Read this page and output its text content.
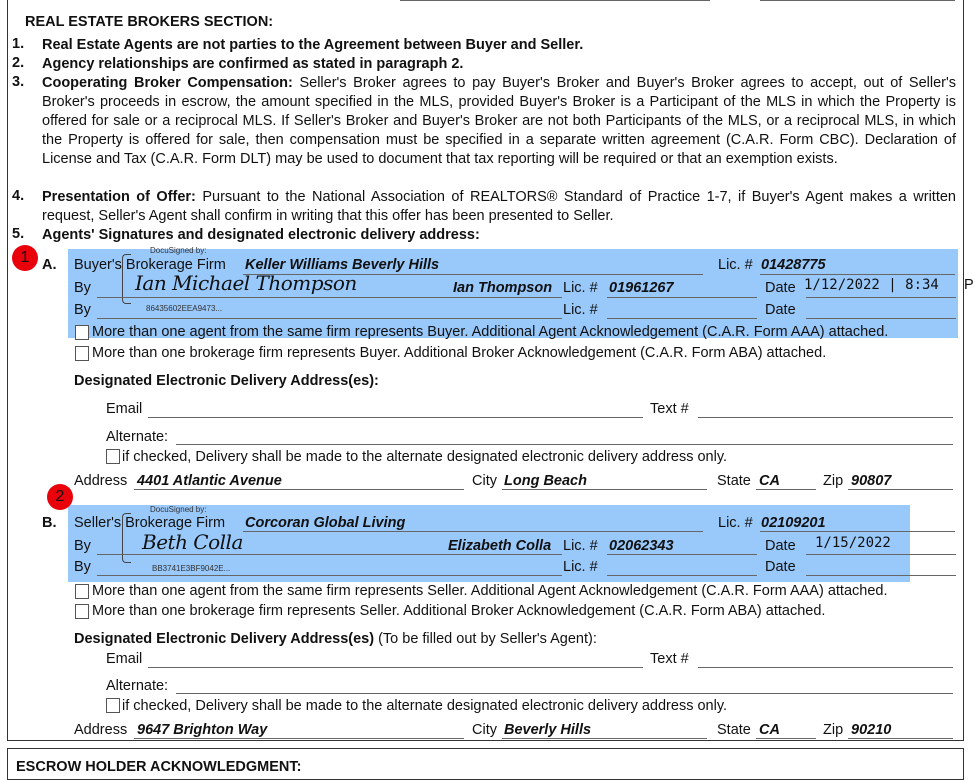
REAL ESTATE BROKERS SECTION:
1. Real Estate Agents are not parties to the Agreement between Buyer and Seller.
2. Agency relationships are confirmed as stated in paragraph 2.
3. Cooperating Broker Compensation: Seller's Broker agrees to pay Buyer's Broker and Buyer's Broker agrees to accept, out of Seller's Broker's proceeds in escrow, the amount specified in the MLS, provided Buyer's Broker is a Participant of the MLS in which the Property is offered for sale or a reciprocal MLS. If Seller's Broker and Buyer's Broker are not both Participants of the MLS, or a reciprocal MLS, in which the Property is offered for sale, then compensation must be specified in a separate written agreement (C.A.R. Form CBC). Declaration of License and Tax (C.A.R. Form DLT) may be used to document that tax reporting will be required or that an exemption exists.
4. Presentation of Offer: Pursuant to the National Association of REALTORS® Standard of Practice 1-7, if Buyer's Agent makes a written request, Seller's Agent shall confirm in writing that this offer has been presented to Seller.
5. Agents' Signatures and designated electronic delivery address:
1 A. Buyer's Brokerage Firm Keller Williams Beverly Hills	Lic. # 01428775
DocuSigned by:
By Ian Michael Thompson	Ian Thompson Lic. # 01961267	Date 1/12/2022 | 8:34 P
By	86435602EEA9473...	Lic. #	Date
More than one agent from the same firm represents Buyer. Additional Agent Acknowledgement (C.A.R. Form AAA) attached.
More than one brokerage firm represents Buyer. Additional Broker Acknowledgement (C.A.R. Form ABA) attached.
Designated Electronic Delivery Address(es):
Email	Text #
Alternate:
if checked, Delivery shall be made to the alternate designated electronic delivery address only.
Address 4401 Atlantic Avenue	City Long Beach	State CA	Zip 90807
2
B. Seller's Brokerage Firm Corcoran Global Living	Lic. # 02109201
DocuSigned by:
By	Beth Colla	Elizabeth Colla Lic. # 02062343	Date 1/15/2022
By	BB3741E3BF9042E...	Lic. #	Date
More than one agent from the same firm represents Seller. Additional Agent Acknowledgement (C.A.R. Form AAA) attached.
More than one brokerage firm represents Seller. Additional Broker Acknowledgement (C.A.R. Form ABA) attached.
Designated Electronic Delivery Address(es) (To be filled out by Seller's Agent):
Email	Text #
Alternate:
if checked, Delivery shall be made to the alternate designated electronic delivery address only.
Address 9647 Brighton Way	City Beverly Hills	State CA	Zip 90210
ESCROW HOLDER ACKNOWLEDGMENT:
